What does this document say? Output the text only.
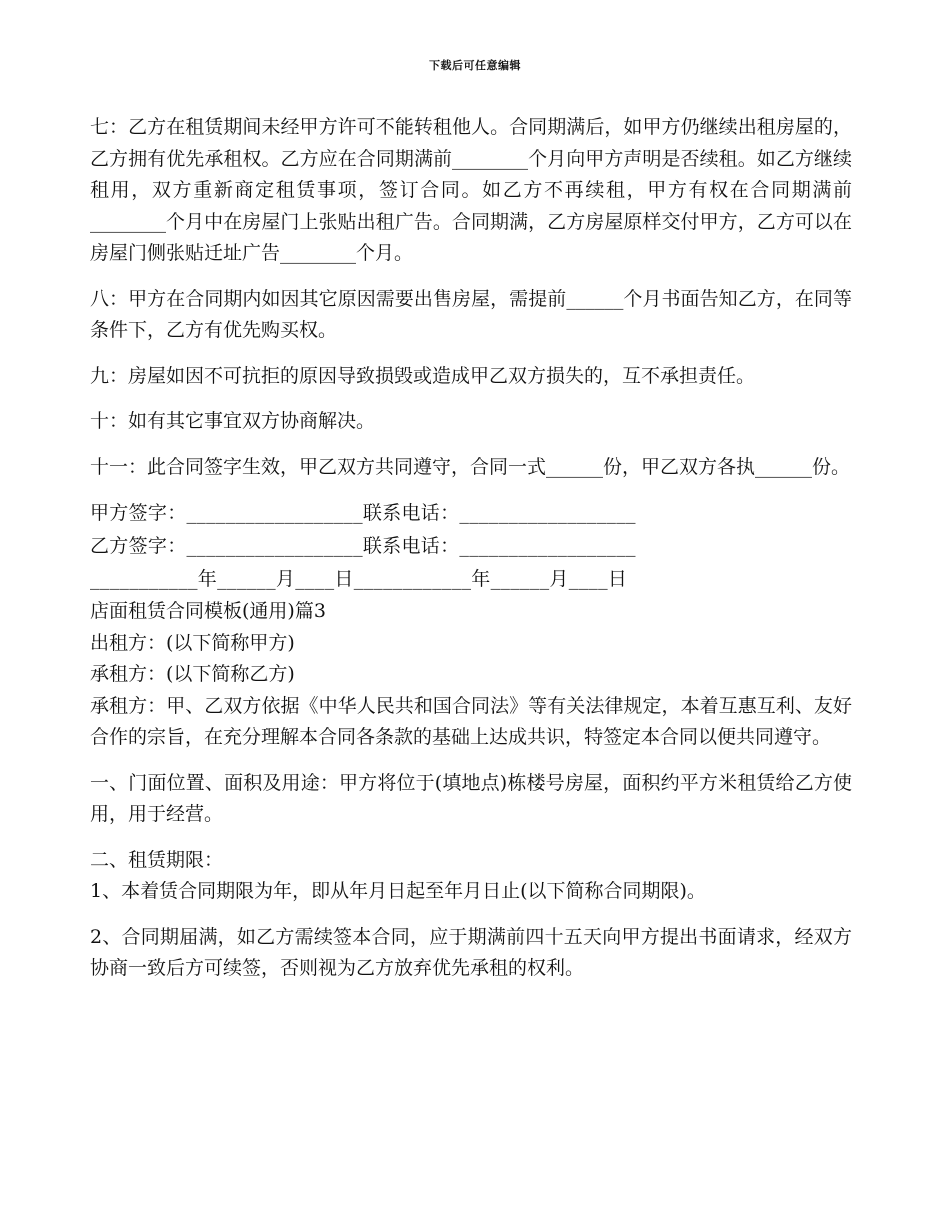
下载后可任意编辑

七：乙方在租赁期间未经甲方许可不能转租他人。合同期满后，如甲方仍继续出租房屋的，乙方拥有优先承租权。乙方应在合同期满前________个月向甲方声明是否续租。如乙方继续租用，双方重新商定租赁事项，签订合同。如乙方不再续租，甲方有权在合同期满前________个月中在房屋门上张贴出租广告。合同期满，乙方房屋原样交付甲方，乙方可以在房屋门侧张贴迁址广告________个月。

八：甲方在合同期内如因其它原因需要出售房屋，需提前______个月书面告知乙方，在同等条件下，乙方有优先购买权。

九：房屋如因不可抗拒的原因导致损毁或造成甲乙双方损失的，互不承担责任。

十：如有其它事宜双方协商解决。

十一：此合同签字生效，甲乙双方共同遵守，合同一式______份，甲乙双方各执______份。

甲方签字：__________________联系电话：__________________

乙方签字：__________________联系电话：__________________

___________年______月____日____________年______月____日

店面租赁合同模板(通用)篇3

出租方：(以下简称甲方)

承租方：(以下简称乙方)

承租方：甲、乙双方依据《中华人民共和国合同法》等有关法律规定，本着互惠互利、友好合作的宗旨，在充分理解本合同各条款的基础上达成共识，特签定本合同以便共同遵守。

一、门面位置、面积及用途：甲方将位于(填地点)栋楼号房屋，面积约平方米租赁给乙方使用，用于经营。

二、租赁期限：

1、本着赁合同期限为年，即从年月日起至年月日止(以下简称合同期限)。

2、合同期届满，如乙方需续签本合同，应于期满前四十五天向甲方提出书面请求，经双方协商一致后方可续签，否则视为乙方放弃优先承租的权利。
